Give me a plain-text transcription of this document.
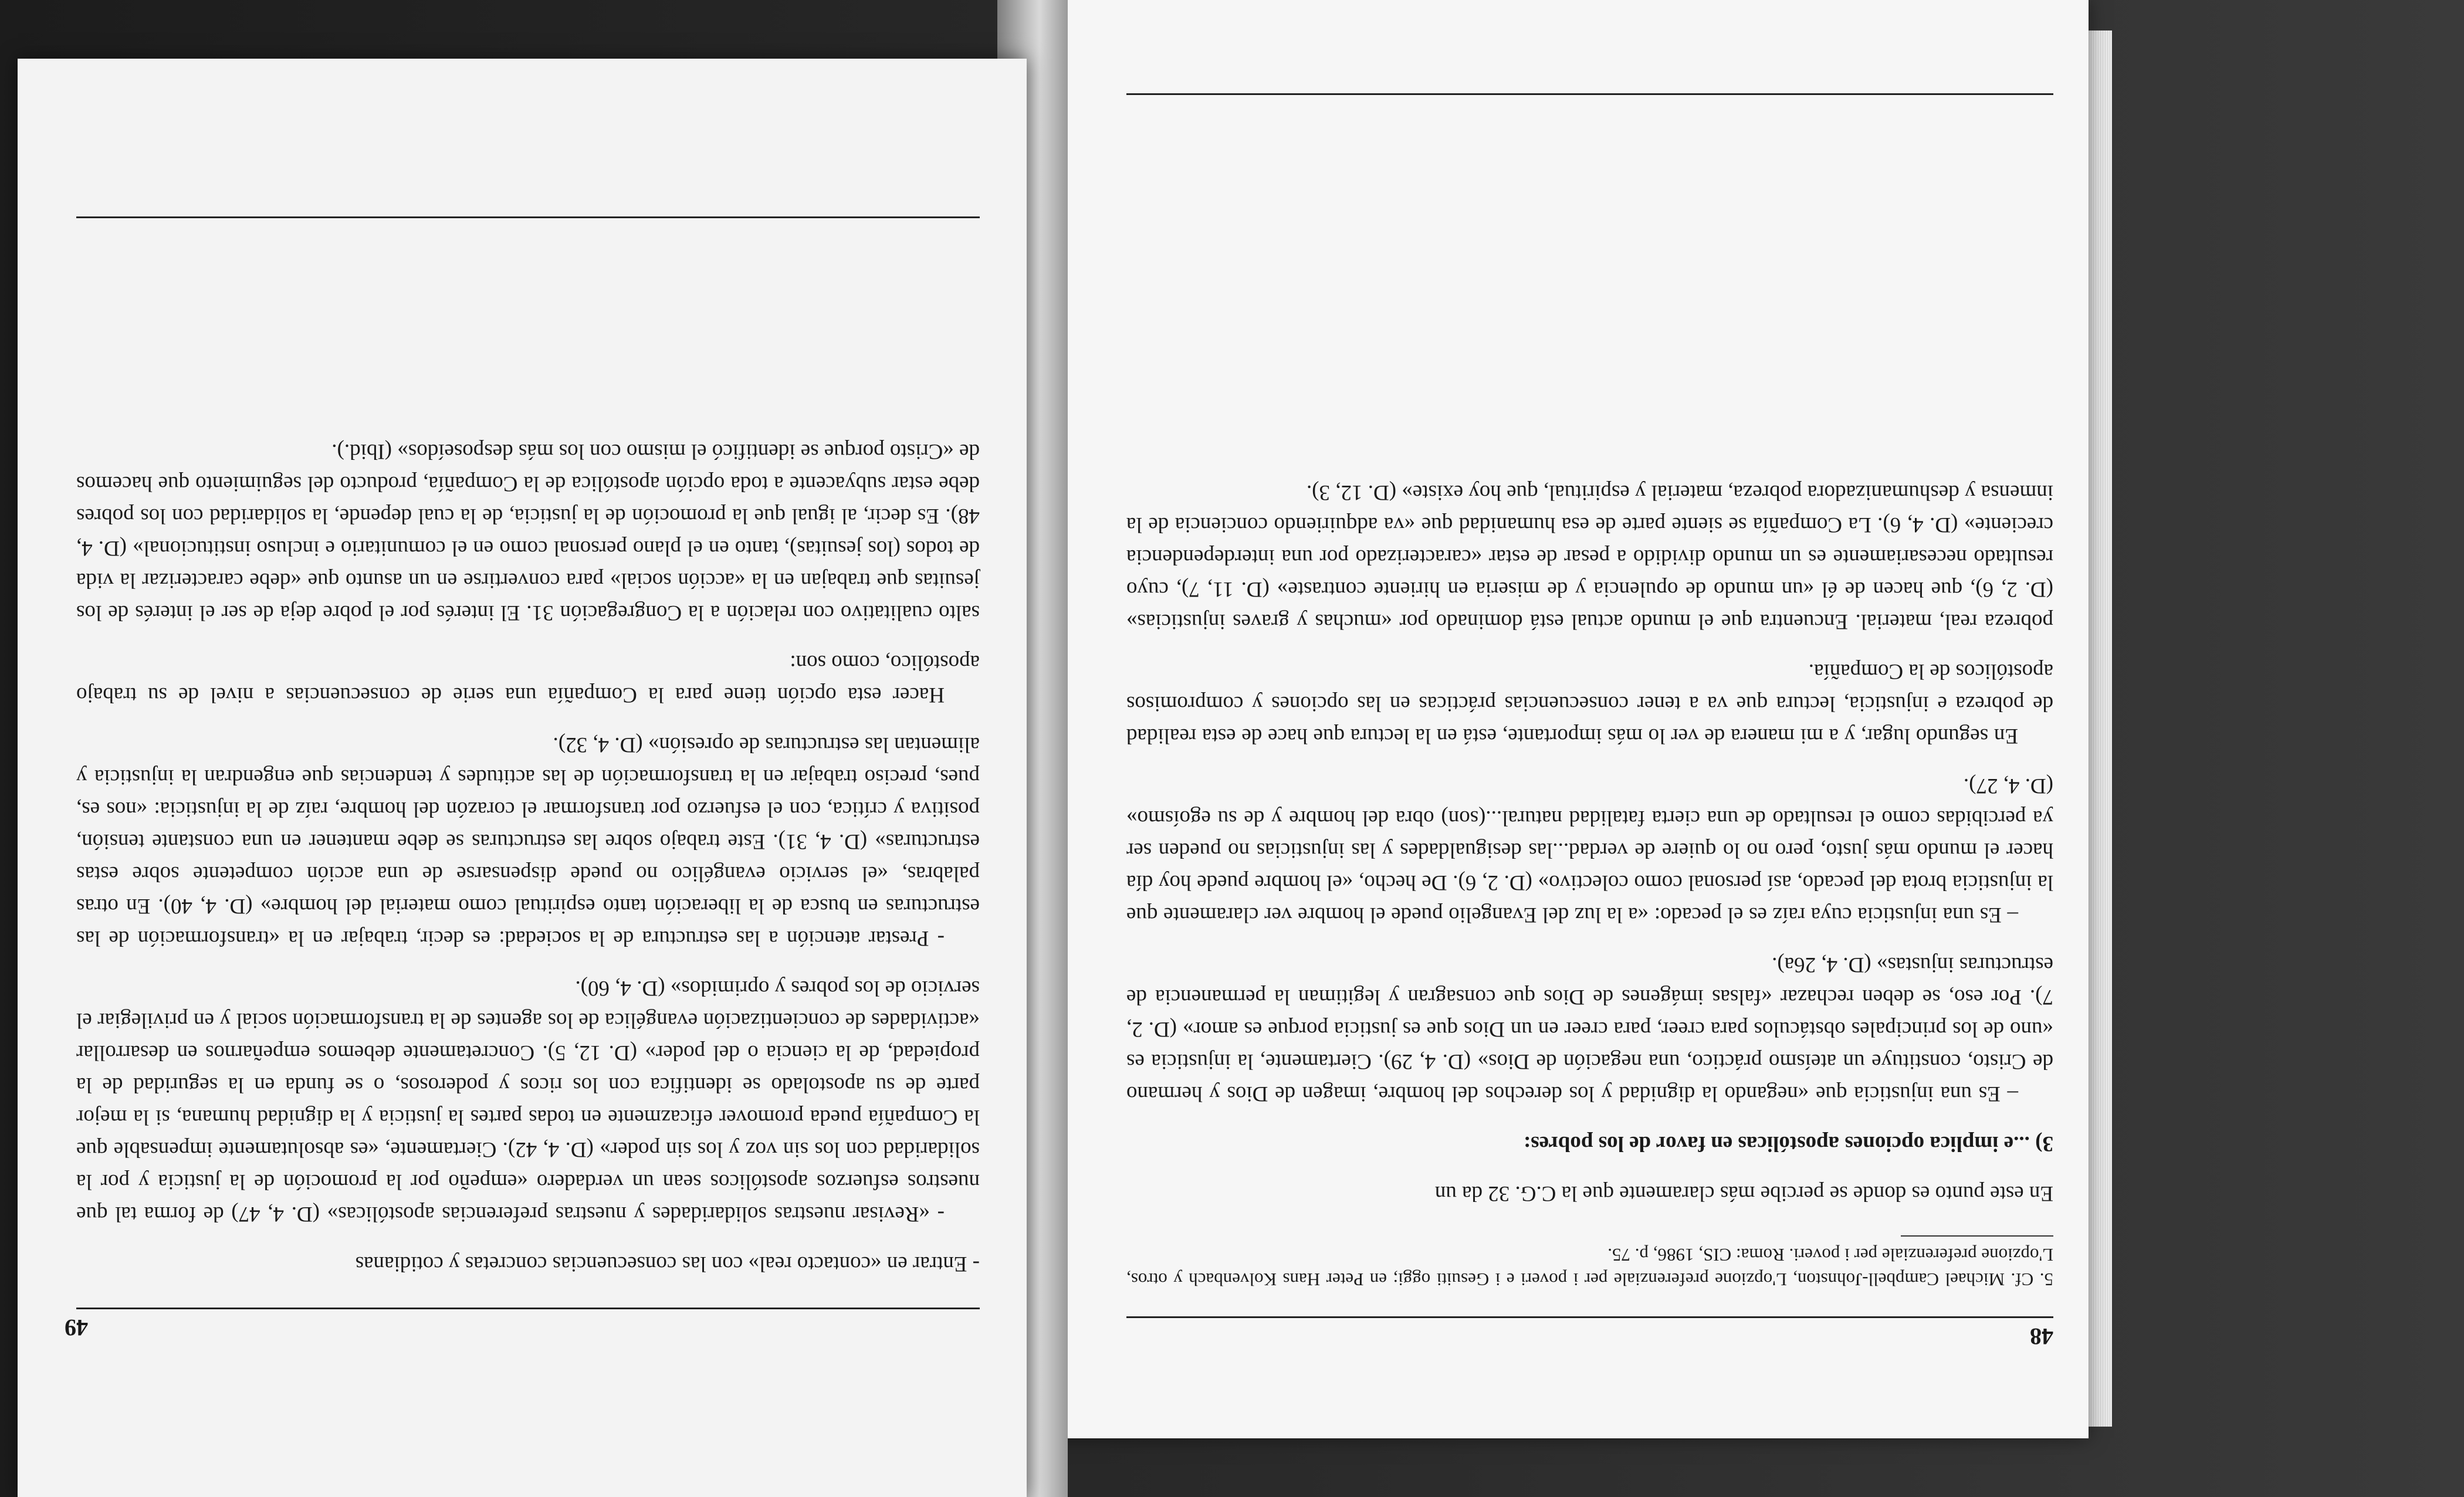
48

5. Cf. Michael Campbell-Johnston, L'opzione preferenziale per i poveri e i Gesuiti oggi; en Peter Hans Kolvenbach y otros, L'opzione preferenziale per i poveri. Roma: CIS, 1986, p. 75.

En este punto es donde se percibe más claramente que la C.G. 32 da un

3) ...e implica opciones apostólicas en favor de los pobres:

– Es una injusticia que «negando la dignidad y los derechos del hombre, imagen de Dios y hermano de Cristo, constituye un ateísmo práctico, una negación de Dios» (D. 4, 29). Ciertamente, la injusticia es «uno de los principales obstáculos para creer, para creer en un Dios que es justicia porque es amor» (D. 2, 7). Por eso, se deben rechazar «falsas imágenes de Dios que consagran y legitiman la permanencia de estructuras injustas» (D. 4, 26a).

– Es una injusticia cuya raíz es el pecado: «a la luz del Evangelio puede el hombre ver claramente que la injusticia brota del pecado, así personal como colectivo» (D. 2, 6). De hecho, «el hombre puede hoy día hacer el mundo más justo, pero no lo quiere de verdad...las desigualdades y las injusticias no pueden ser ya percibidas como el resultado de una cierta fatalidad natural...(son) obra del hombre y de su egoísmo» (D. 4, 27).

En segundo lugar, y a mi manera de ver lo más importante, está en la lectura que hace de esta realidad de pobreza e injusticia, lectura que va a tener consecuencias prácticas en las opciones y compromisos apostólicos de la Compañía.

pobreza real, material. Encuentra que el mundo actual está dominado por «muchas y graves injusticias» (D. 2, 6), que hacen de él «un mundo de opulencia y de miseria en hiriente contraste» (D. 11, 7), cuyo resultado necesariamente es un mundo dividido a pesar de estar «caracterizado por una interdependencia creciente» (D. 4, 6). La Compañía se siente parte de esa humanidad que «va adquiriendo conciencia de la inmensa y deshumanizadora pobreza, material y espiritual, que hoy existe» (D. 12, 3).

49

- Entrar en «contacto real» con las consecuencias concretas y cotidianas

- «Revisar nuestras solidaridades y nuestras preferencias apostólicas» (D. 4, 47) de forma tal que nuestros esfuerzos apostólicos sean un verdadero «empeño por la promoción de la justicia y por la solidaridad con los sin voz y los sin poder» (D. 4, 42). Ciertamente, «es absolutamente impensable que la Compañía pueda promover eficazmente en todas partes la justicia y la dignidad humana, si la mejor parte de su apostolado se identifica con los ricos y poderosos, o se funda en la seguridad de la propiedad, de la ciencia o del poder» (D. 12, 5). Concretamente debemos empeñarnos en desarrollar «actividades de concientización evangélica de los agentes de la transformación social y en privilegiar el servicio de los pobres y oprimidos» (D. 4, 60).

- Prestar atención a las estructura de la sociedad: es decir, trabajar en la «transformación de las estructuras en busca de la liberación tanto espiritual como material del hombre» (D. 4, 40). En otras palabras, «el servicio evangélico no puede dispensarse de una acción competente sobre estas estructuras» (D. 4, 31). Este trabajo sobre las estructuras se debe mantener en una constante tensión, positiva y crítica, con el esfuerzo por transformar el corazón del hombre, raíz de la injusticia: «nos es, pues, preciso trabajar en la transformación de las actitudes y tendencias que engendran la injusticia y alimentan las estructuras de opresión» (D. 4, 32).

Hacer esta opción tiene para la Compañía una serie de consecuencias a nivel de su trabajo apostólico, como son:

salto cualitativo con relación a la Congregación 31. El interés por el pobre deja de ser el interés de los jesuitas que trabajan en la «acción social» para convertirse en un asunto que «debe caracterizar la vida de todos (los jesuitas), tanto en el plano personal como en el comunitario e incluso institucional» (D. 4, 48). Es decir, al igual que la promoción de la justicia, de la cual depende, la solidaridad con los pobres debe estar subyacente a toda opción apostólica de la Compañía, producto del seguimiento que hacemos de «Cristo porque se identificó el mismo con los más desposeídos» (Ibid.).
